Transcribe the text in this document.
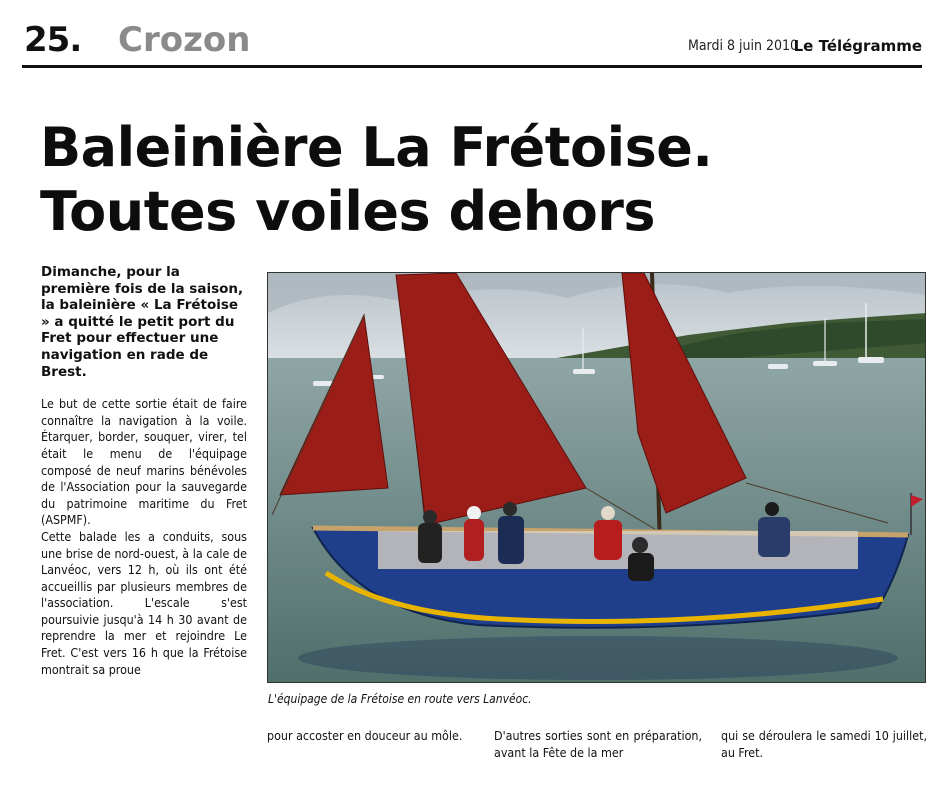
25. Crozon	Mardi 8 juin 2010
Le Télégramme
Baleinière La Frétoise.
Toutes voiles dehors

Dimanche, pour la première fois de la saison, la baleinière « La Frétoise » a quitté le petit port du Fret pour effectuer une navigation en rade de Brest.

Le but de cette sortie était de faire connaître la navigation à la voile. Étarquer, border, souquer, virer, tel était le menu de l'équipage composé de neuf marins bénévoles de l'Association pour la sauvegarde du patrimoine maritime du Fret (ASPMF).

Cette balade les a conduits, sous une brise de nord-ouest, à la cale de Lanvéoc, vers 12 h, où ils ont été accueillis par plusieurs membres de l'association. L'escale s'est poursuivie jusqu'à 14 h 30 avant de reprendre la mer et rejoindre Le Fret. C'est vers 16 h que la Frétoise montrait sa proue

L'équipage de la Frétoise en route vers Lanvéoc.

pour accoster en douceur au môle.	D'autres sorties sont en préparation, avant la Fête de la mer

qui se déroulera le samedi 10 juillet, au Fret.
